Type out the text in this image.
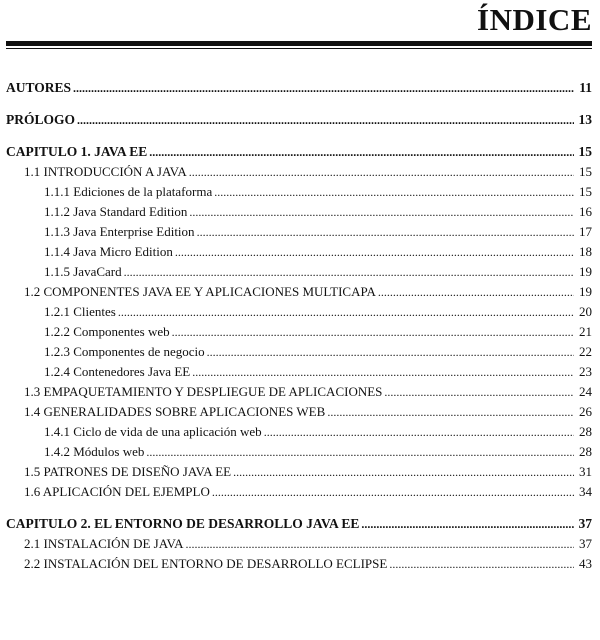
ÍNDICE
AUTORES .....	11
PRÓLOGO .....	13
CAPITULO 1. JAVA EE .....	15
1.1 INTRODUCCIÓN A JAVA .....	15
1.1.1 Ediciones de la plataforma .....	15
1.1.2 Java Standard Edition .....	16
1.1.3 Java Enterprise Edition .....	17
1.1.4 Java Micro Edition .....	18
1.1.5 JavaCard .....	19
1.2 COMPONENTES JAVA EE Y APLICACIONES MULTICAPA .....	19
1.2.1 Clientes .....	20
1.2.2 Componentes web .....	21
1.2.3 Componentes de negocio .....	22
1.2.4 Contenedores Java EE .....	23
1.3 EMPAQUETAMIENTO Y DESPLIEGUE DE APLICACIONES .....	24
1.4 GENERALIDADES SOBRE APLICACIONES WEB .....	26
1.4.1 Ciclo de vida de una aplicación web .....	28
1.4.2 Módulos web .....	28
1.5 PATRONES DE DISEÑO JAVA EE .....	31
1.6 APLICACIÓN DEL EJEMPLO .....	34
CAPITULO 2. EL ENTORNO DE DESARROLLO JAVA EE .....	37
2.1 INSTALACIÓN DE JAVA .....	37
2.2 INSTALACIÓN DEL ENTORNO DE DESARROLLO ECLIPSE .....	43
